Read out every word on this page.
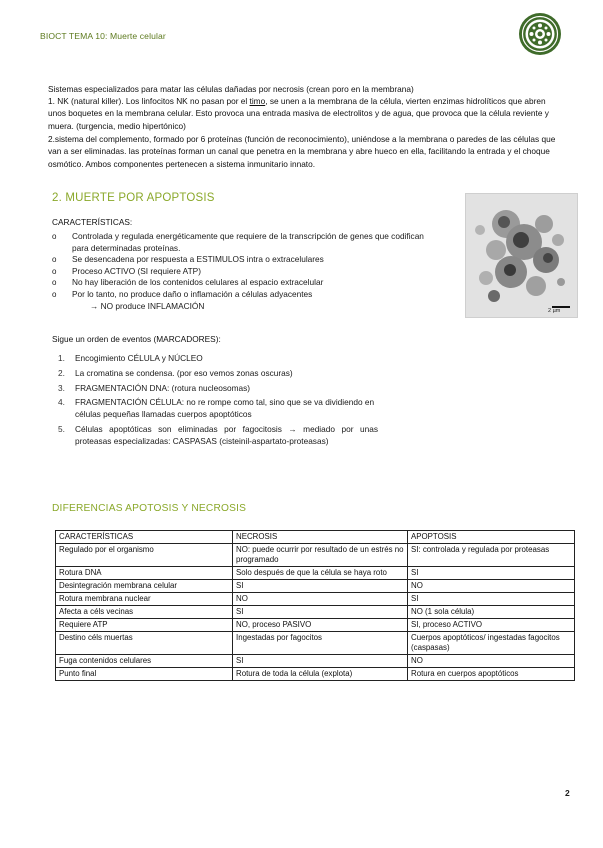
BIOCT TEMA 10: Muerte celular
Sistemas especializados para matar las células dañadas por necrosis (crean poro en la membrana)
1. NK (natural killer). Los linfocitos NK no pasan por el timo, se unen a la membrana de la célula, vierten enzimas hidrolíticos que abren unos boquetes en la membrana celular. Esto provoca una entrada masiva de electrolitos y de agua, que provoca que la célula reviente y muera. (turgencia, medio hipertónico)
2.sistema del complemento, formado por 6 proteínas (función de reconocimiento), uniéndose a la membrana o paredes de las células que van a ser eliminadas. las proteínas forman un canal que penetra en la membrana y abre hueco en ella, facilitando la entrada y el choque osmótico. Ambos componentes pertenecen a sistema inmunitario innato.
2. MUERTE POR APOPTOSIS
CARACTERÍSTICAS:
o Controlada y regulada energéticamente que requiere de la transcripción de genes que codifican para determinadas proteínas.
o Se desencadena por respuesta a ESTIMULOS intra o extracelulares
o Proceso ACTIVO (SI requiere ATP)
o No hay liberación de los contenidos celulares al espacio extracelular
o Por lo tanto, no produce daño o inflamación a células adyacentes
→ NO produce INFLAMACIÓN
2 µm
Sigue un orden de eventos (MARCADORES):
1. Encogimiento CÉLULA y NÚCLEO
2. La cromatina se condensa. (por eso vemos zonas oscuras)
3. FRAGMENTACIÓN DNA: (rotura nucleosomas)
4. FRAGMENTACIÓN CÉLULA: no re rompe como tal, sino que se va dividiendo en células pequeñas llamadas cuerpos apoptóticos
5. Células apoptóticas son eliminadas por fagocitosis → mediado por unas proteasas especializadas: CASPASAS (cisteinil-aspartato-proteasas)
DIFERENCIAS APOTOSIS Y NECROSIS
CARACTERÍSTICAS	NECROSIS	APOPTOSIS
Regulado por el organismo	NO: puede ocurrir por resultado de un estrés no programado	SI: controlada y regulada por proteasas
Rotura DNA	Solo después de que la célula se haya roto	SI
Desintegración membrana celular	SI	NO
Rotura membrana nuclear	NO	SI
Afecta a céls vecinas	SI	NO (1 sola célula)
Requiere ATP	NO, proceso PASIVO	SI, proceso ACTIVO
Destino céls muertas	Ingestadas por fagocitos	Cuerpos apoptóticos/ ingestadas fagocitos (caspasas)
Fuga contenidos celulares	SI	NO
Punto final	Rotura de toda la célula (explota)	Rotura en cuerpos apoptóticos
2
